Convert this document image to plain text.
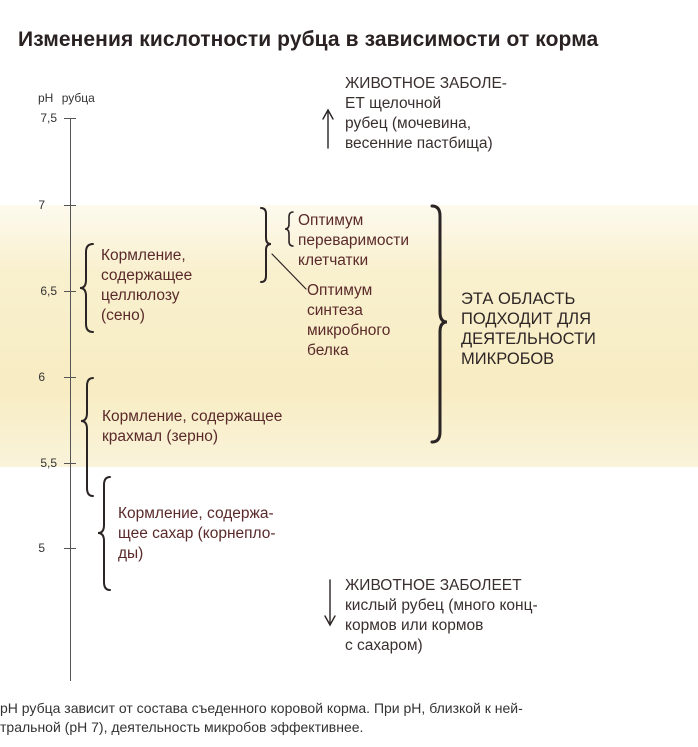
Изменения кислотности рубца в зависимости от корма
pH рубца
7,5
7
6,5
6
5,5
5
ЖИВОТНОЕ ЗАБОЛЕ-
ЕТ щелочной
рубец (мочевина,
весенние пастбища)
Кормление,
содержащее
целлюлозу
(сено)
Кормление, содержащее
крахмал (зерно)
Кормление, содержа-
щее сахар (корнепло-
ды)
Оптимум
переваримости
клетчатки
Оптимум
синтеза
микробного
белка
ЭТА ОБЛАСТЬ
ПОДХОДИТ ДЛЯ
ДЕЯТЕЛЬНОСТИ
МИКРОБОВ
ЖИВОТНОЕ ЗАБОЛЕЕТ
кислый рубец (много конц-
кормов или кормов
с сахаром)
pH рубца зависит от состава съеденного коровой корма. При pH, близкой к ней-
тральной (pH 7), деятельность микробов эффективнее.
